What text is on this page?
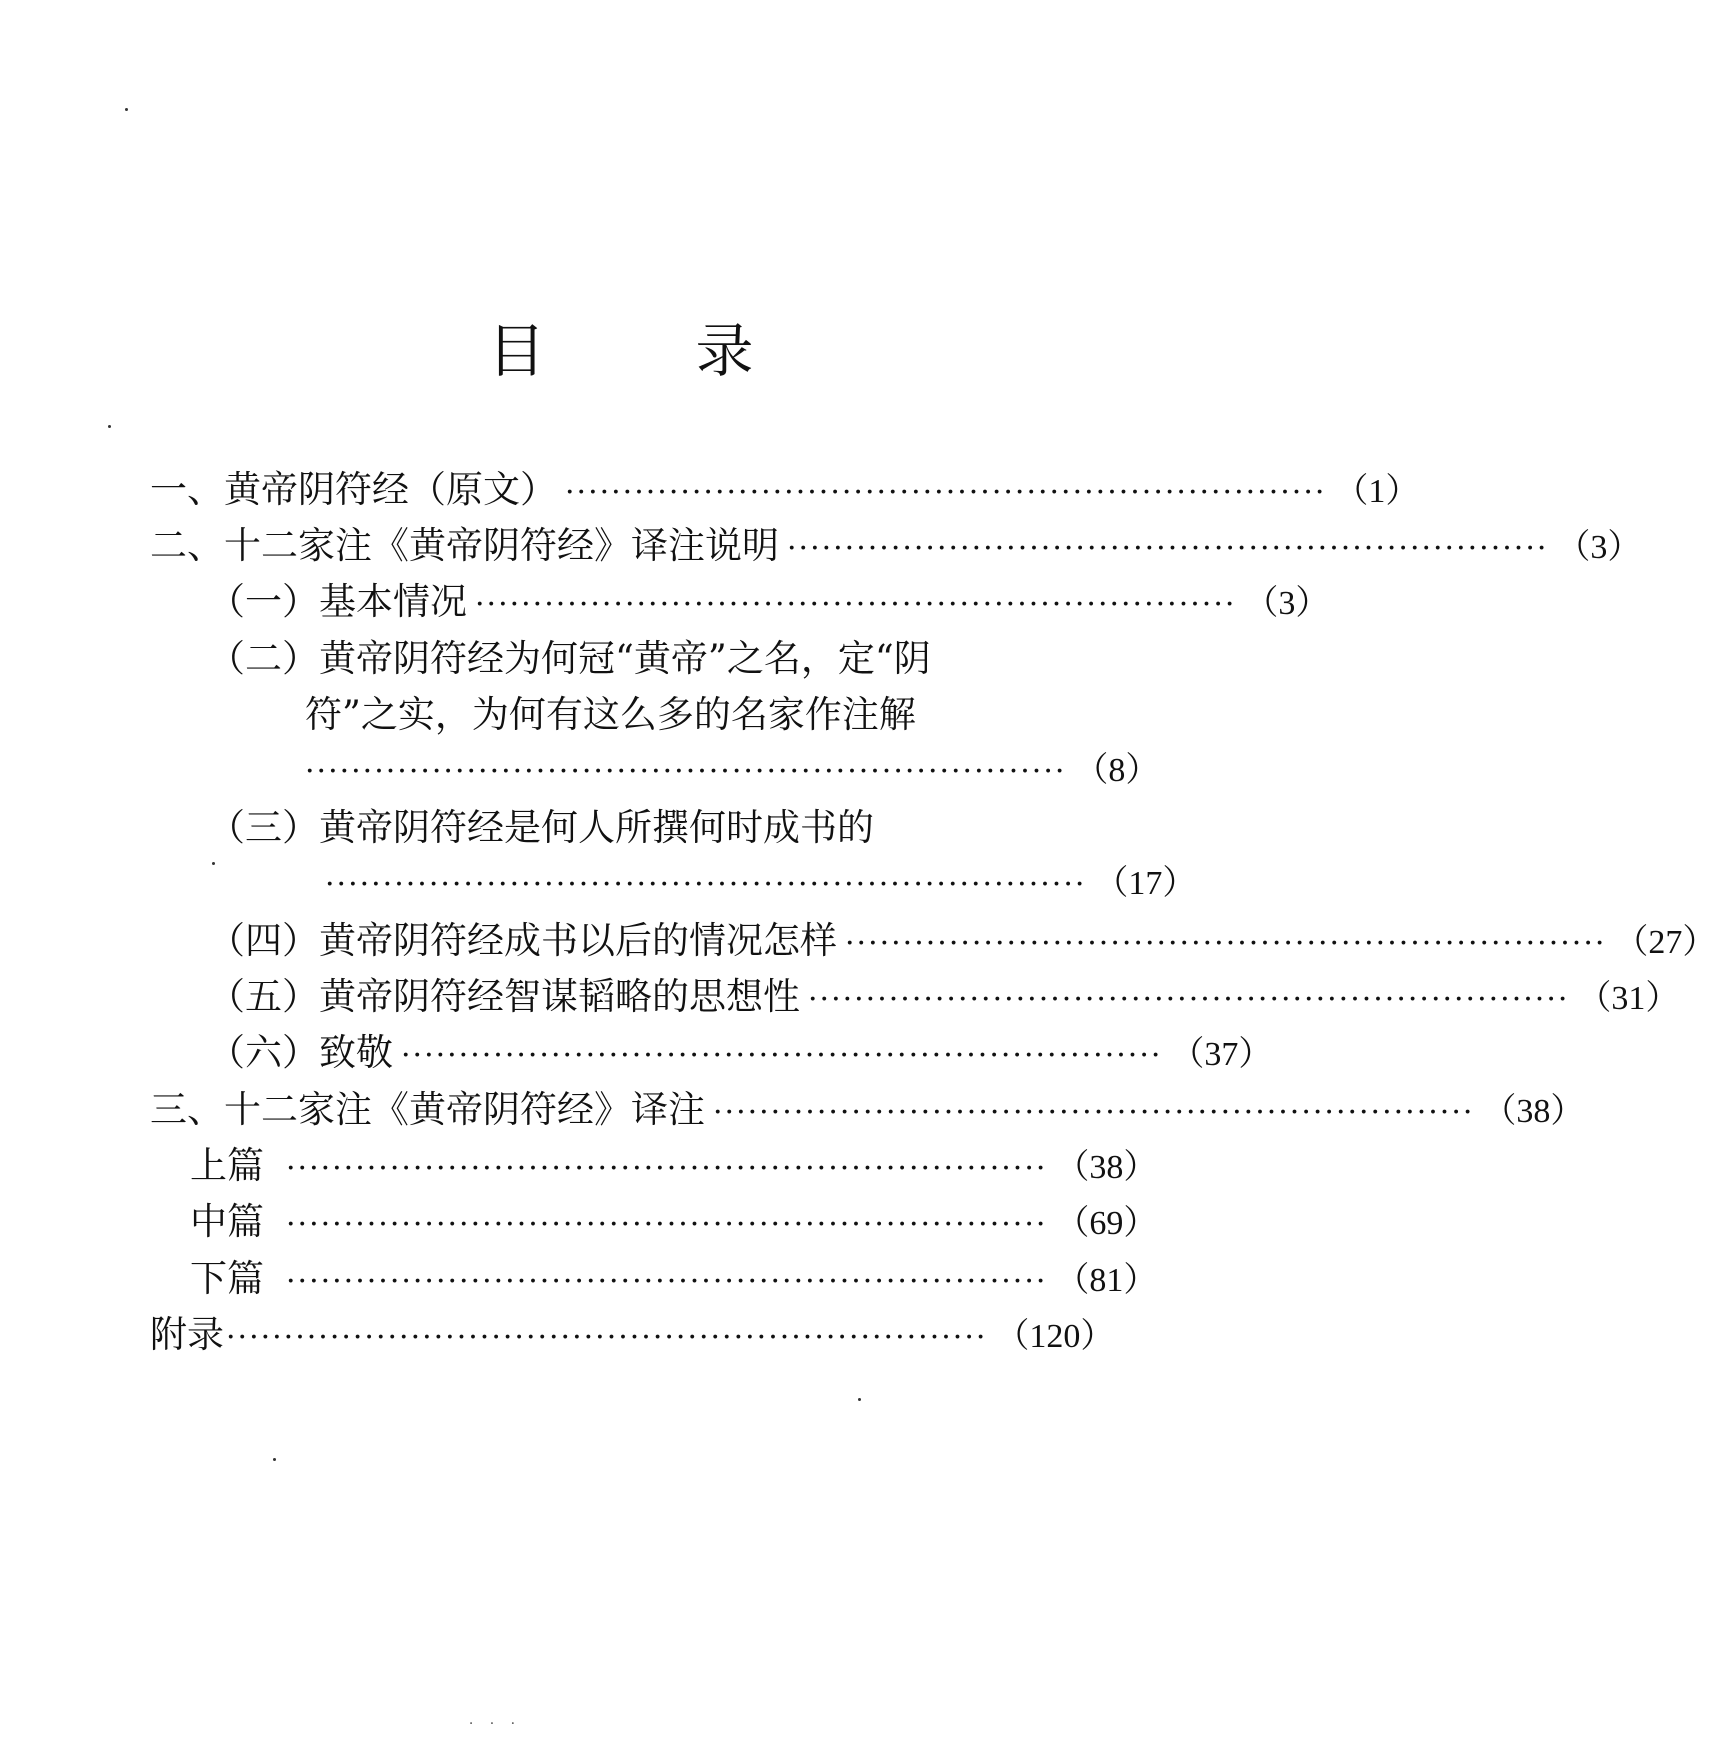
目	录
一、黄帝阴符经（原文） ·································································· （1）
二、十二家注《黄帝阴符经》译注说明 ·································································· （3）
（一）基本情况 ·································································· （3）
（二）黄帝阴符经为何冠“黄帝”之名，定“阴
符”之实，为何有这么多的名家作注解
·································································· （8）
（三）黄帝阴符经是何人所撰何时成书的
·································································· （17）
（四）黄帝阴符经成书以后的情况怎样 ·································································· （27）
（五）黄帝阴符经智谋韬略的思想性 ·································································· （31）
（六）致敬 ·································································· （37）
三、十二家注《黄帝阴符经》译注 ·································································· （38）
上篇 ·································································· （38）
中篇 ·································································· （69）
下篇 ·································································· （81）
附录 ·································································· （120）
· · ·
